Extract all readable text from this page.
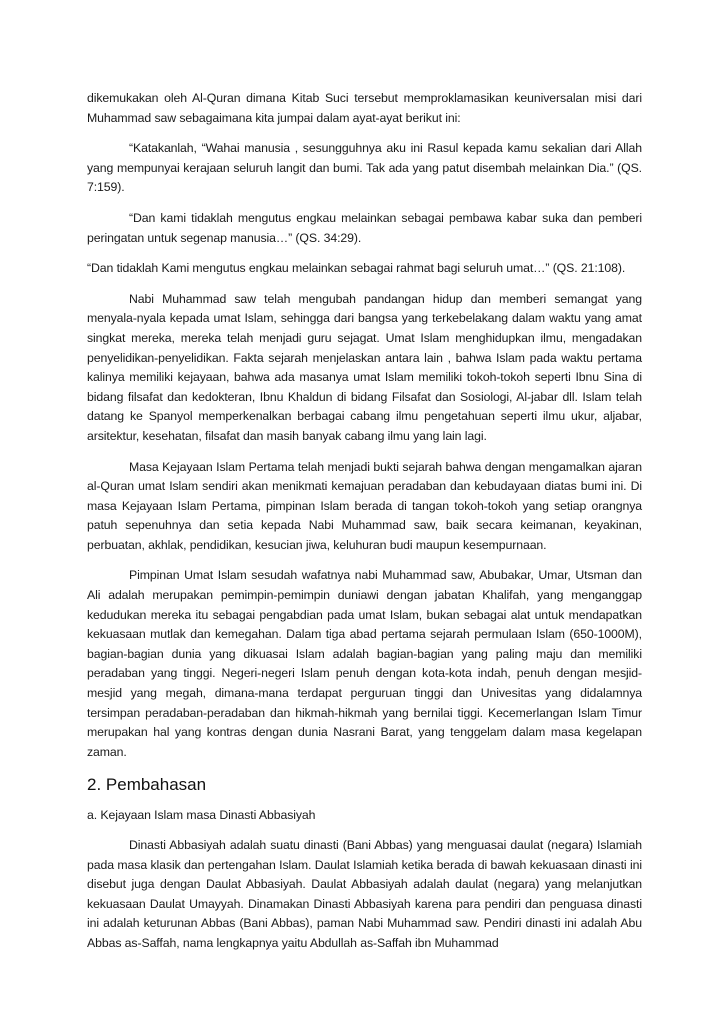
dikemukakan oleh Al-Quran dimana Kitab Suci tersebut memproklamasikan keuniversalan misi dari Muhammad saw sebagaimana kita jumpai dalam ayat-ayat berikut ini:

“Katakanlah, “Wahai manusia , sesungguhnya aku ini Rasul kepada kamu sekalian dari Allah yang mempunyai kerajaan seluruh langit dan bumi. Tak ada yang patut disembah melainkan Dia.” (QS. 7:159).

“Dan kami tidaklah mengutus engkau melainkan sebagai pembawa kabar suka dan pemberi peringatan untuk segenap manusia…” (QS. 34:29).

“Dan tidaklah Kami mengutus engkau melainkan sebagai rahmat bagi seluruh umat…” (QS. 21:108).

Nabi Muhammad saw telah mengubah pandangan hidup dan memberi semangat yang menyala-nyala kepada umat Islam, sehingga dari bangsa yang terkebelakang dalam waktu yang amat singkat mereka, mereka telah menjadi guru sejagat. Umat Islam menghidupkan ilmu, mengadakan penyelidikan-penyelidikan. Fakta sejarah menjelaskan antara lain , bahwa Islam pada waktu pertama kalinya memiliki kejayaan, bahwa ada masanya umat Islam memiliki tokoh-tokoh seperti Ibnu Sina di bidang filsafat dan kedokteran, Ibnu Khaldun di bidang Filsafat dan Sosiologi, Al-jabar dll. Islam telah datang ke Spanyol memperkenalkan berbagai cabang ilmu pengetahuan seperti ilmu ukur, aljabar, arsitektur, kesehatan, filsafat dan masih banyak cabang ilmu yang lain lagi.

Masa Kejayaan Islam Pertama telah menjadi bukti sejarah bahwa dengan mengamalkan ajaran al-Quran umat Islam sendiri akan menikmati kemajuan peradaban dan kebudayaan diatas bumi ini. Di masa Kejayaan Islam Pertama, pimpinan Islam berada di tangan tokoh-tokoh yang setiap orangnya patuh sepenuhnya dan setia kepada Nabi Muhammad saw, baik secara keimanan, keyakinan, perbuatan, akhlak, pendidikan, kesucian jiwa, keluhuran budi maupun kesempurnaan.

Pimpinan Umat Islam sesudah wafatnya nabi Muhammad saw, Abubakar, Umar, Utsman dan Ali adalah merupakan pemimpin-pemimpin duniawi dengan jabatan Khalifah, yang menganggap kedudukan mereka itu sebagai pengabdian pada umat Islam, bukan sebagai alat untuk mendapatkan kekuasaan mutlak dan kemegahan. Dalam tiga abad pertama sejarah permulaan Islam (650-1000M), bagian-bagian dunia yang dikuasai Islam adalah bagian-bagian yang paling maju dan memiliki peradaban yang tinggi. Negeri-negeri Islam penuh dengan kota-kota indah, penuh dengan mesjid-mesjid yang megah, dimana-mana terdapat perguruan tinggi dan Univesitas yang didalamnya tersimpan peradaban-peradaban dan hikmah-hikmah yang bernilai tiggi. Kecemerlangan Islam Timur merupakan hal yang kontras dengan dunia Nasrani Barat, yang tenggelam dalam masa kegelapan zaman.

2. Pembahasan

a. Kejayaan Islam masa Dinasti Abbasiyah

Dinasti Abbasiyah adalah suatu dinasti (Bani Abbas) yang menguasai daulat (negara) Islamiah pada masa klasik dan pertengahan Islam. Daulat Islamiah ketika berada di bawah kekuasaan dinasti ini disebut juga dengan Daulat Abbasiyah. Daulat Abbasiyah adalah daulat (negara) yang melanjutkan kekuasaan Daulat Umayyah. Dinamakan Dinasti Abbasiyah karena para pendiri dan penguasa dinasti ini adalah keturunan Abbas (Bani Abbas), paman Nabi Muhammad saw. Pendiri dinasti ini adalah Abu Abbas as-Saffah, nama lengkapnya yaitu Abdullah as-Saffah ibn Muhammad
